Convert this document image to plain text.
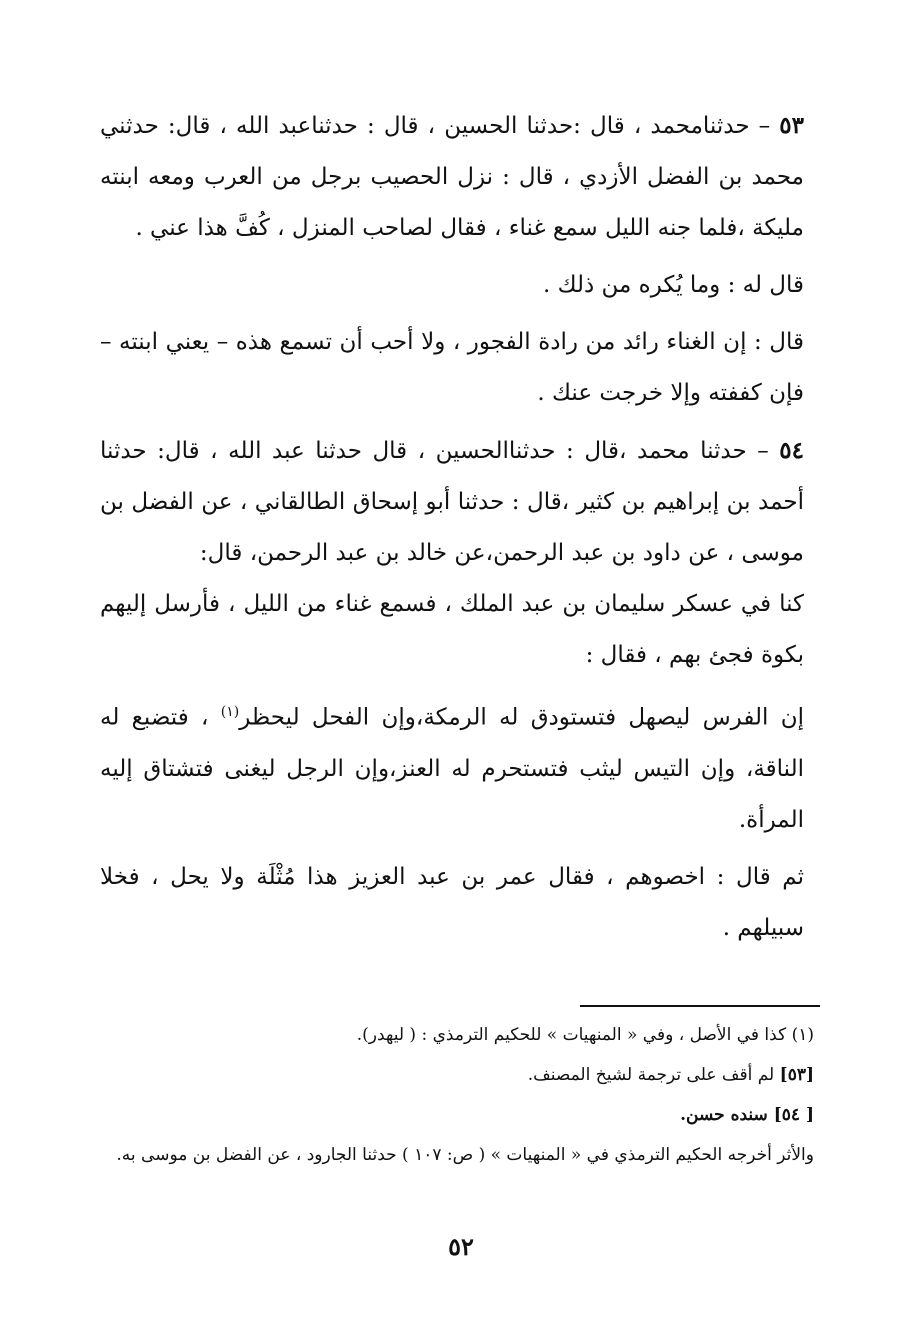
٥٣ – حدثنامحمد ، قال :حدثنا الحسين ، قال : حدثناعبد الله ، قال: حدثني محمد بن الفضل الأزدي ، قال : نزل الحصيب برجل من العرب ومعه ابنته مليكة ،فلما جنه الليل سمع غناء ، فقال لصاحب المنزل ، كُفَّ هذا عني .

قال له : وما يُكره من ذلك .

قال : إن الغناء رائد من رادة الفجور ، ولا أحب أن تسمع هذه – يعني ابنته –فإن كففته وإلا خرجت عنك .

٥٤ – حدثنا محمد ،قال : حدثناالحسين ، قال حدثنا عبد الله ، قال: حدثنا أحمد بن إبراهيم بن كثير ،قال : حدثنا أبو إسحاق الطالقاني ، عن الفضل بن موسى ، عن داود بن عبد الرحمن،عن خالد بن عبد الرحمن، قال:

كنا في عسكر سليمان بن عبد الملك ، فسمع غناء من الليل ، فأرسل إليهم بكوة فجئ بهم ، فقال :

إن الفرس ليصهل فتستودق له الرمكة،وإن الفحل ليحظر$^{(١)}$ ، فتضبع له الناقة، وإن التيس ليثب فتستحرم له العنز،وإن الرجل ليغنى فتشتاق إليه المرأة.

ثم قال : اخصوهم ، فقال عمر بن عبد العزيز هذا مُثْلَة ولا يحل ، فخلا سبيلهم .

(١) كذا في الأصل ، وفي « المنهيات » للحكيم الترمذي : ( ليهدر).

[٥٣] لم أقف على ترجمة لشيخ المصنف.

[ ٥٤] سنده حسن.

والأثر أخرجه الحكيم الترمذي في « المنهيات » ( ص: ١٠٧ ) حدثنا الجارود ، عن الفضل بن موسى به.

٥٢
